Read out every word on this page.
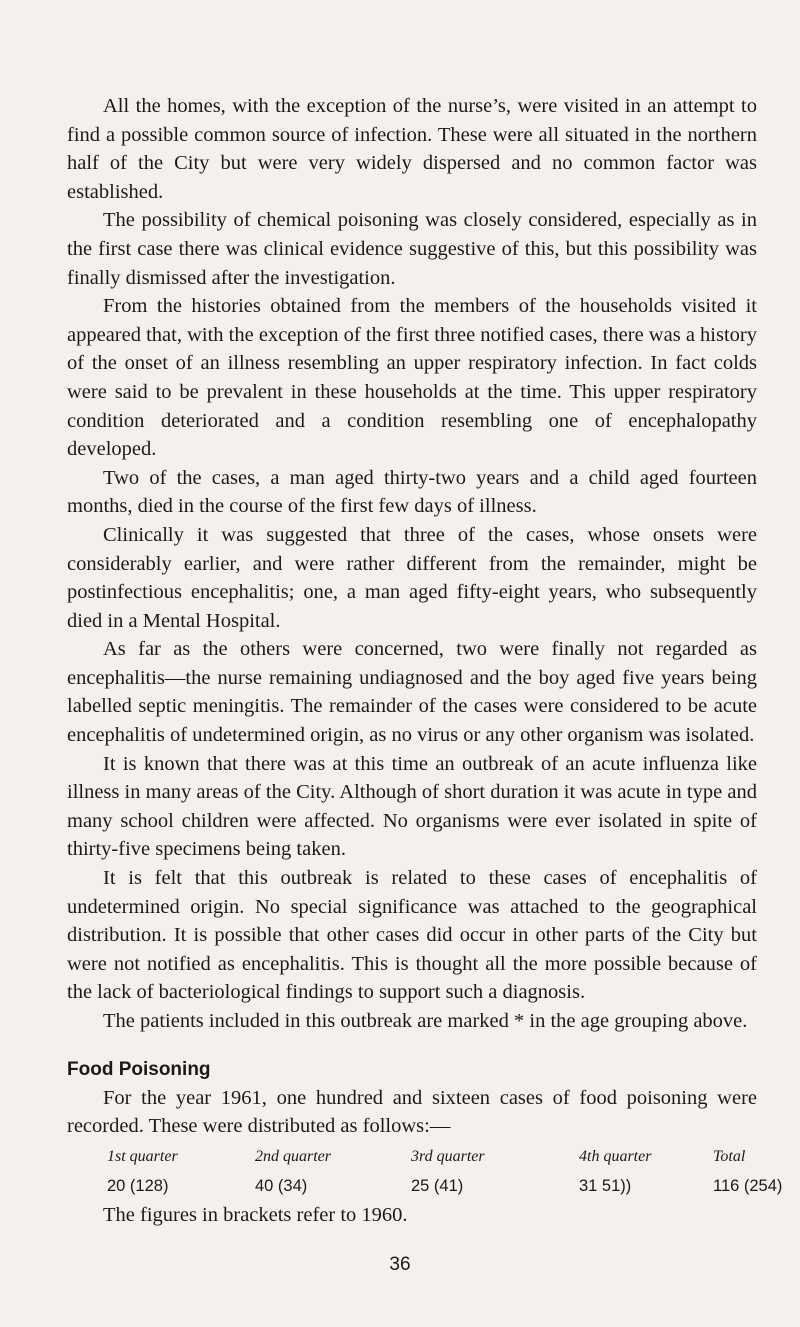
All the homes, with the exception of the nurse’s, were visited in an attempt to find a possible common source of infection. These were all situated in the northern half of the City but were very widely dispersed and no common factor was established.

The possibility of chemical poisoning was closely considered, especially as in the first case there was clinical evidence suggestive of this, but this possibility was finally dismissed after the investigation.

From the histories obtained from the members of the households visited it appeared that, with the exception of the first three notified cases, there was a history of the onset of an illness resembling an upper respiratory infection. In fact colds were said to be prevalent in these households at the time. This upper respiratory condition deteriorated and a condition resembling one of encephalopathy developed.

Two of the cases, a man aged thirty-two years and a child aged fourteen months, died in the course of the first few days of illness.

Clinically it was suggested that three of the cases, whose onsets were considerably earlier, and were rather different from the remainder, might be postinfectious encephalitis; one, a man aged fifty-eight years, who subsequently died in a Mental Hospital.

As far as the others were concerned, two were finally not regarded as encephalitis—the nurse remaining undiagnosed and the boy aged five years being labelled septic meningitis. The remainder of the cases were considered to be acute encephalitis of undetermined origin, as no virus or any other organism was isolated.

It is known that there was at this time an outbreak of an acute influenza like illness in many areas of the City. Although of short duration it was acute in type and many school children were affected. No organisms were ever isolated in spite of thirty-five specimens being taken.

It is felt that this outbreak is related to these cases of encephalitis of undetermined origin. No special significance was attached to the geographical distribution. It is possible that other cases did occur in other parts of the City but were not notified as encephalitis. This is thought all the more possible because of the lack of bacteriological findings to support such a diagnosis.

The patients included in this outbreak are marked * in the age grouping above.

Food Poisoning

For the year 1961, one hundred and sixteen cases of food poisoning were recorded. These were distributed as follows:—

1st quarter
20 (128)
2nd quarter
40 (34)
3rd quarter
25 (41)
4th quarter
31 51))
Total
116 (254)

The figures in brackets refer to 1960.

36
